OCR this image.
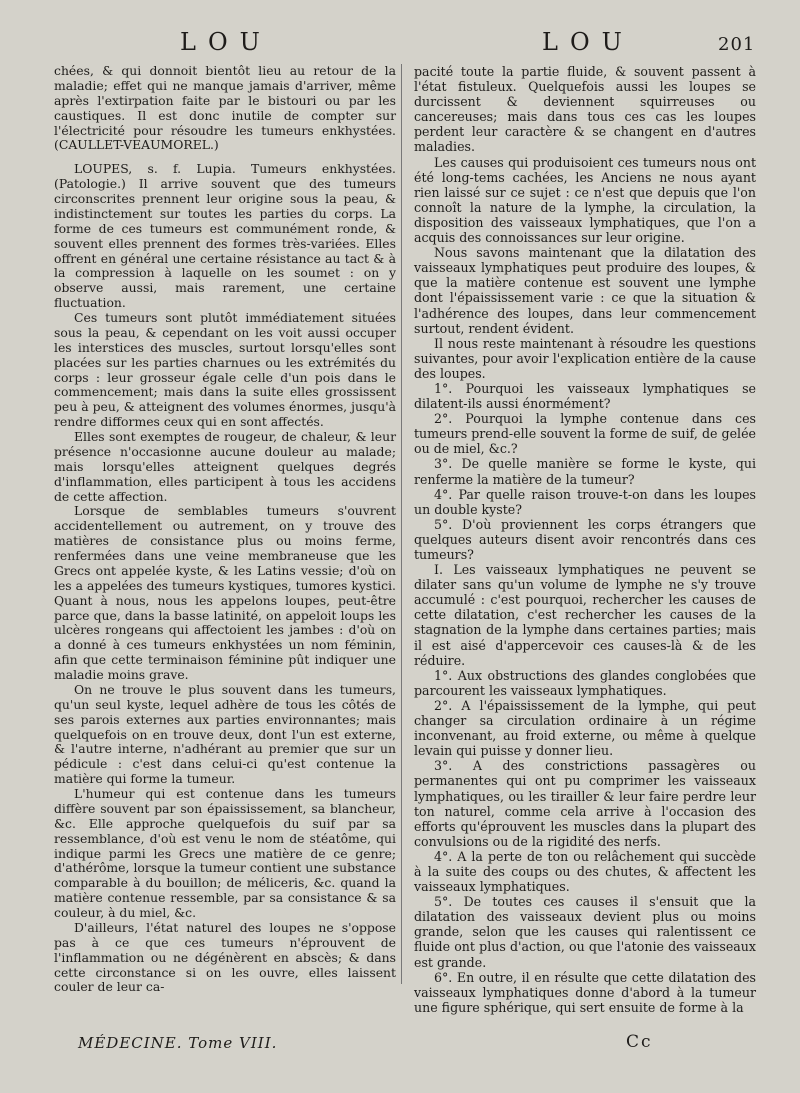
LOU	LOU	201

chées, & qui donnoit bientôt lieu au retour de la maladie; effet qui ne manque jamais d'arriver, même après l'extirpation faite par le bistouri ou par les caustiques. Il est donc inutile de compter sur l'électricité pour résoudre les tumeurs enkhystées. (CAULLET-VEAUMOREL.)

LOUPES, s. f. Lupia. Tumeurs enkhystées. (Patologie.) Il arrive souvent que des tumeurs circonscrites prennent leur origine sous la peau, & indistinctement sur toutes les parties du corps. La forme de ces tumeurs est communément ronde, & souvent elles prennent des formes très-variées. Elles offrent en général une certaine résistance au tact & à la compression à laquelle on les soumet : on y observe aussi, mais rarement, une certaine fluctuation.

Ces tumeurs sont plutôt immédiatement situées sous la peau, & cependant on les voit aussi occuper les interstices des muscles, surtout lorsqu'elles sont placées sur les parties charnues ou les extrémités du corps : leur grosseur égale celle d'un pois dans le commencement; mais dans la suite elles grossissent peu à peu, & atteignent des volumes énormes, jusqu'à rendre difformes ceux qui en sont affectés.

Elles sont exemptes de rougeur, de chaleur, & leur présence n'occasionne aucune douleur au malade; mais lorsqu'elles atteignent quelques degrés d'inflammation, elles participent à tous les accidens de cette affection.

Lorsque de semblables tumeurs s'ouvrent accidentellement ou autrement, on y trouve des matières de consistance plus ou moins ferme, renfermées dans une veine membraneuse que les Grecs ont appelée kyste, & les Latins vessie; d'où on les a appelées des tumeurs kystiques, tumores kystici. Quant à nous, nous les appelons loupes, peut-être parce que, dans la basse latinité, on appeloit loups les ulcères rongeans qui affectoient les jambes : d'où on a donné à ces tumeurs enkhystées un nom féminin, afin que cette terminaison féminine pût indiquer une maladie moins grave.

On ne trouve le plus souvent dans les tumeurs, qu'un seul kyste, lequel adhère de tous les côtés de ses parois externes aux parties environnantes; mais quelquefois on en trouve deux, dont l'un est externe, & l'autre interne, n'adhérant au premier que sur un pédicule : c'est dans celui-ci qu'est contenue la matière qui forme la tumeur.

L'humeur qui est contenue dans les tumeurs diffère souvent par son épaississement, sa blancheur, &c. Elle approche quelquefois du suif par sa ressemblance, d'où est venu le nom de stéatôme, qui indique parmi les Grecs une matière de ce genre; d'athérôme, lorsque la tumeur contient une substance comparable à du bouillon; de méliceris, &c. quand la matière contenue ressemble, par sa consistance & sa couleur, à du miel, &c.

D'ailleurs, l'état naturel des loupes ne s'oppose pas à ce que ces tumeurs n'éprouvent de l'inflammation ou ne dégénèrent en abscès; & dans cette circonstance si on les ouvre, elles laissent couler de leur ca-

pacité toute la partie fluide, & souvent passent à l'état fistuleux. Quelquefois aussi les loupes se durcissent & deviennent squirreuses ou cancereuses; mais dans tous ces cas les loupes perdent leur caractère & se changent en d'autres maladies.

Les causes qui produisoient ces tumeurs nous ont été long-tems cachées, les Anciens ne nous ayant rien laissé sur ce sujet : ce n'est que depuis que l'on connoît la nature de la lymphe, la circulation, la disposition des vaisseaux lymphatiques, que l'on a acquis des connoissances sur leur origine.

Nous savons maintenant que la dilatation des vaisseaux lymphatiques peut produire des loupes, & que la matière contenue est souvent une lymphe dont l'épaississement varie : ce que la situation & l'adhérence des loupes, dans leur commencement surtout, rendent évident.

Il nous reste maintenant à résoudre les questions suivantes, pour avoir l'explication entière de la cause des loupes.

1°. Pourquoi les vaisseaux lymphatiques se dilatent-ils aussi énormément?

2°. Pourquoi la lymphe contenue dans ces tumeurs prend-elle souvent la forme de suif, de gelée ou de miel, &c.?

3°. De quelle manière se forme le kyste, qui renferme la matière de la tumeur?

4°. Par quelle raison trouve-t-on dans les loupes un double kyste?

5°. D'où proviennent les corps étrangers que quelques auteurs disent avoir rencontrés dans ces tumeurs?

I. Les vaisseaux lymphatiques ne peuvent se dilater sans qu'un volume de lymphe ne s'y trouve accumulé : c'est pourquoi, rechercher les causes de cette dilatation, c'est rechercher les causes de la stagnation de la lymphe dans certaines parties; mais il est aisé d'appercevoir ces causes-là & de les réduire.

1°. Aux obstructions des glandes conglobées que parcourent les vaisseaux lymphatiques.

2°. A l'épaississement de la lymphe, qui peut changer sa circulation ordinaire à un régime inconvenant, au froid externe, ou même à quelque levain qui puisse y donner lieu.

3°. A des constrictions passagères ou permanentes qui ont pu comprimer les vaisseaux lymphatiques, ou les tirailler & leur faire perdre leur ton naturel, comme cela arrive à l'occasion des efforts qu'éprouvent les muscles dans la plupart des convulsions ou de la rigidité des nerfs.

4°. A la perte de ton ou relâchement qui succède à la suite des coups ou des chutes, & affectent les vaisseaux lymphatiques.

5°. De toutes ces causes il s'ensuit que la dilatation des vaisseaux devient plus ou moins grande, selon que les causes qui ralentissent ce fluide ont plus d'action, ou que l'atonie des vaisseaux est grande.

6°. En outre, il en résulte que cette dilatation des vaisseaux lymphatiques donne d'abord à la tumeur une figure sphérique, qui sert ensuite de forme à la

MÉDECINE. Tome VIII.	Cc
